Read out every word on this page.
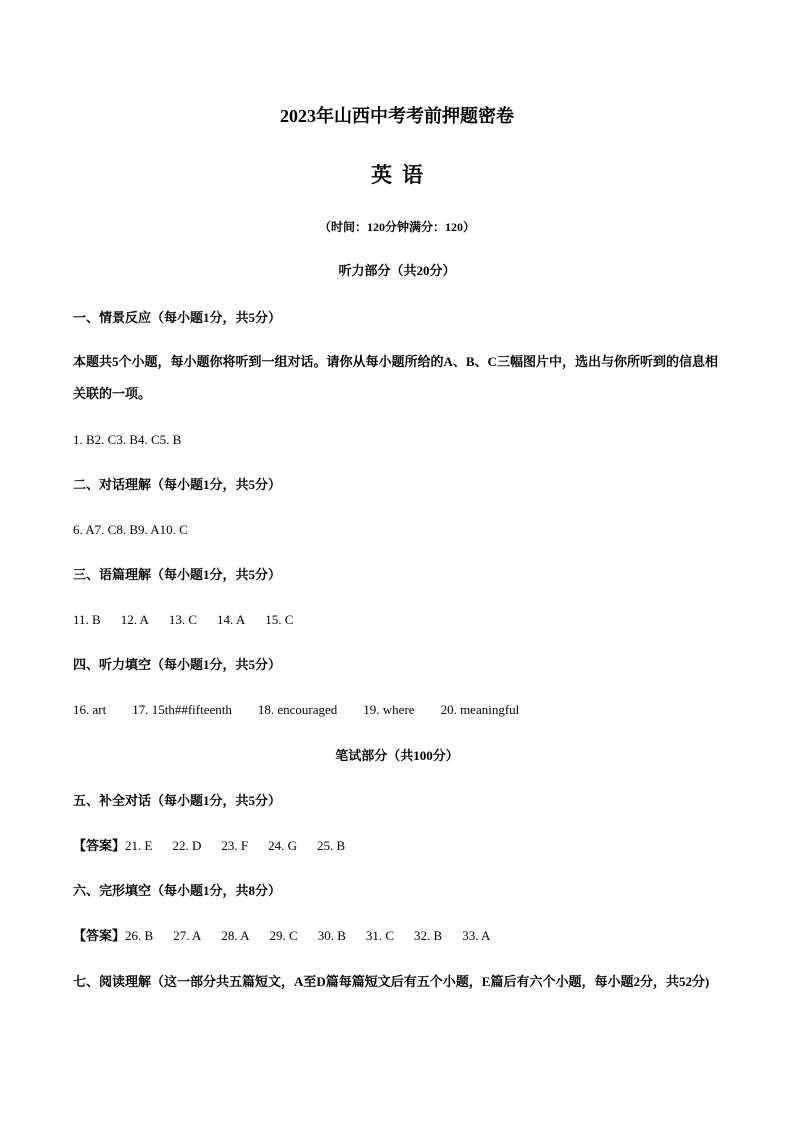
2023年山西中考考前押题密卷
英语
（时间：120分钟满分：120）
听力部分（共20分）
一、情景反应（每小题1分，共5分）
本题共5个小题，每小题你将听到一组对话。请你从每小题所给的A、B、C三幅图片中，选出与你所听到的信息相关联的一项。
1. B2. C3. B4. C5. B
二、对话理解（每小题1分，共5分）
6. A7. C8. B9. A10. C
三、语篇理解（每小题1分，共5分）
11. B 12. A 13. C 14. A 15. C
四、听力填空（每小题1分，共5分）
16. art 17. 15th##fifteenth 18. encouraged 19. where 20. meaningful
笔试部分（共100分）
五、补全对话（每小题1分，共5分）
【答案】21. E 22. D 23. F 24. G 25. B
六、完形填空（每小题1分，共8分）
【答案】26. B 27. A 28. A 29. C 30. B 31. C 32. B 33. A
七、阅读理解（这一部分共五篇短文，A至D篇每篇短文后有五个小题，E篇后有六个小题，每小题2分，共52分)
